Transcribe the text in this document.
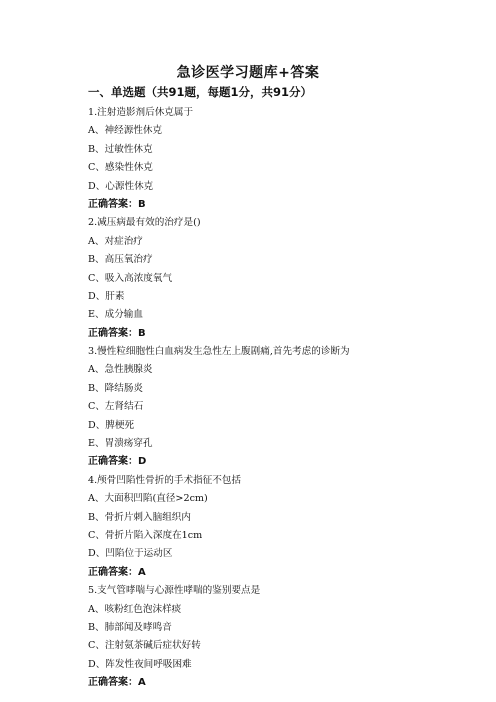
急诊医学习题库+答案
一、单选题（共91题，每题1分，共91分）
1.注射造影剂后休克属于
A、神经源性休克
B、过敏性休克
C、感染性休克
D、心源性休克
正确答案：B
2.减压病最有效的治疗是()
A、对症治疗
B、高压氧治疗
C、吸入高浓度氧气
D、肝素
E、成分输血
正确答案：B
3.慢性粒细胞性白血病发生急性左上腹剧痛,首先考虑的诊断为
A、急性胰腺炎
B、降结肠炎
C、左肾结石
D、脾梗死
E、胃溃疡穿孔
正确答案：D
4.颅骨凹陷性骨折的手术指征不包括
A、大面积凹陷(直径>2cm)
B、骨折片刺入脑组织内
C、骨折片陷入深度在1cm
D、凹陷位于运动区
正确答案：A
5.支气管哮喘与心源性哮喘的鉴别要点是
A、咳粉红色泡沫样痰
B、肺部闻及哮鸣音
C、注射氨茶碱后症状好转
D、阵发性夜间呼吸困难
正确答案：A
